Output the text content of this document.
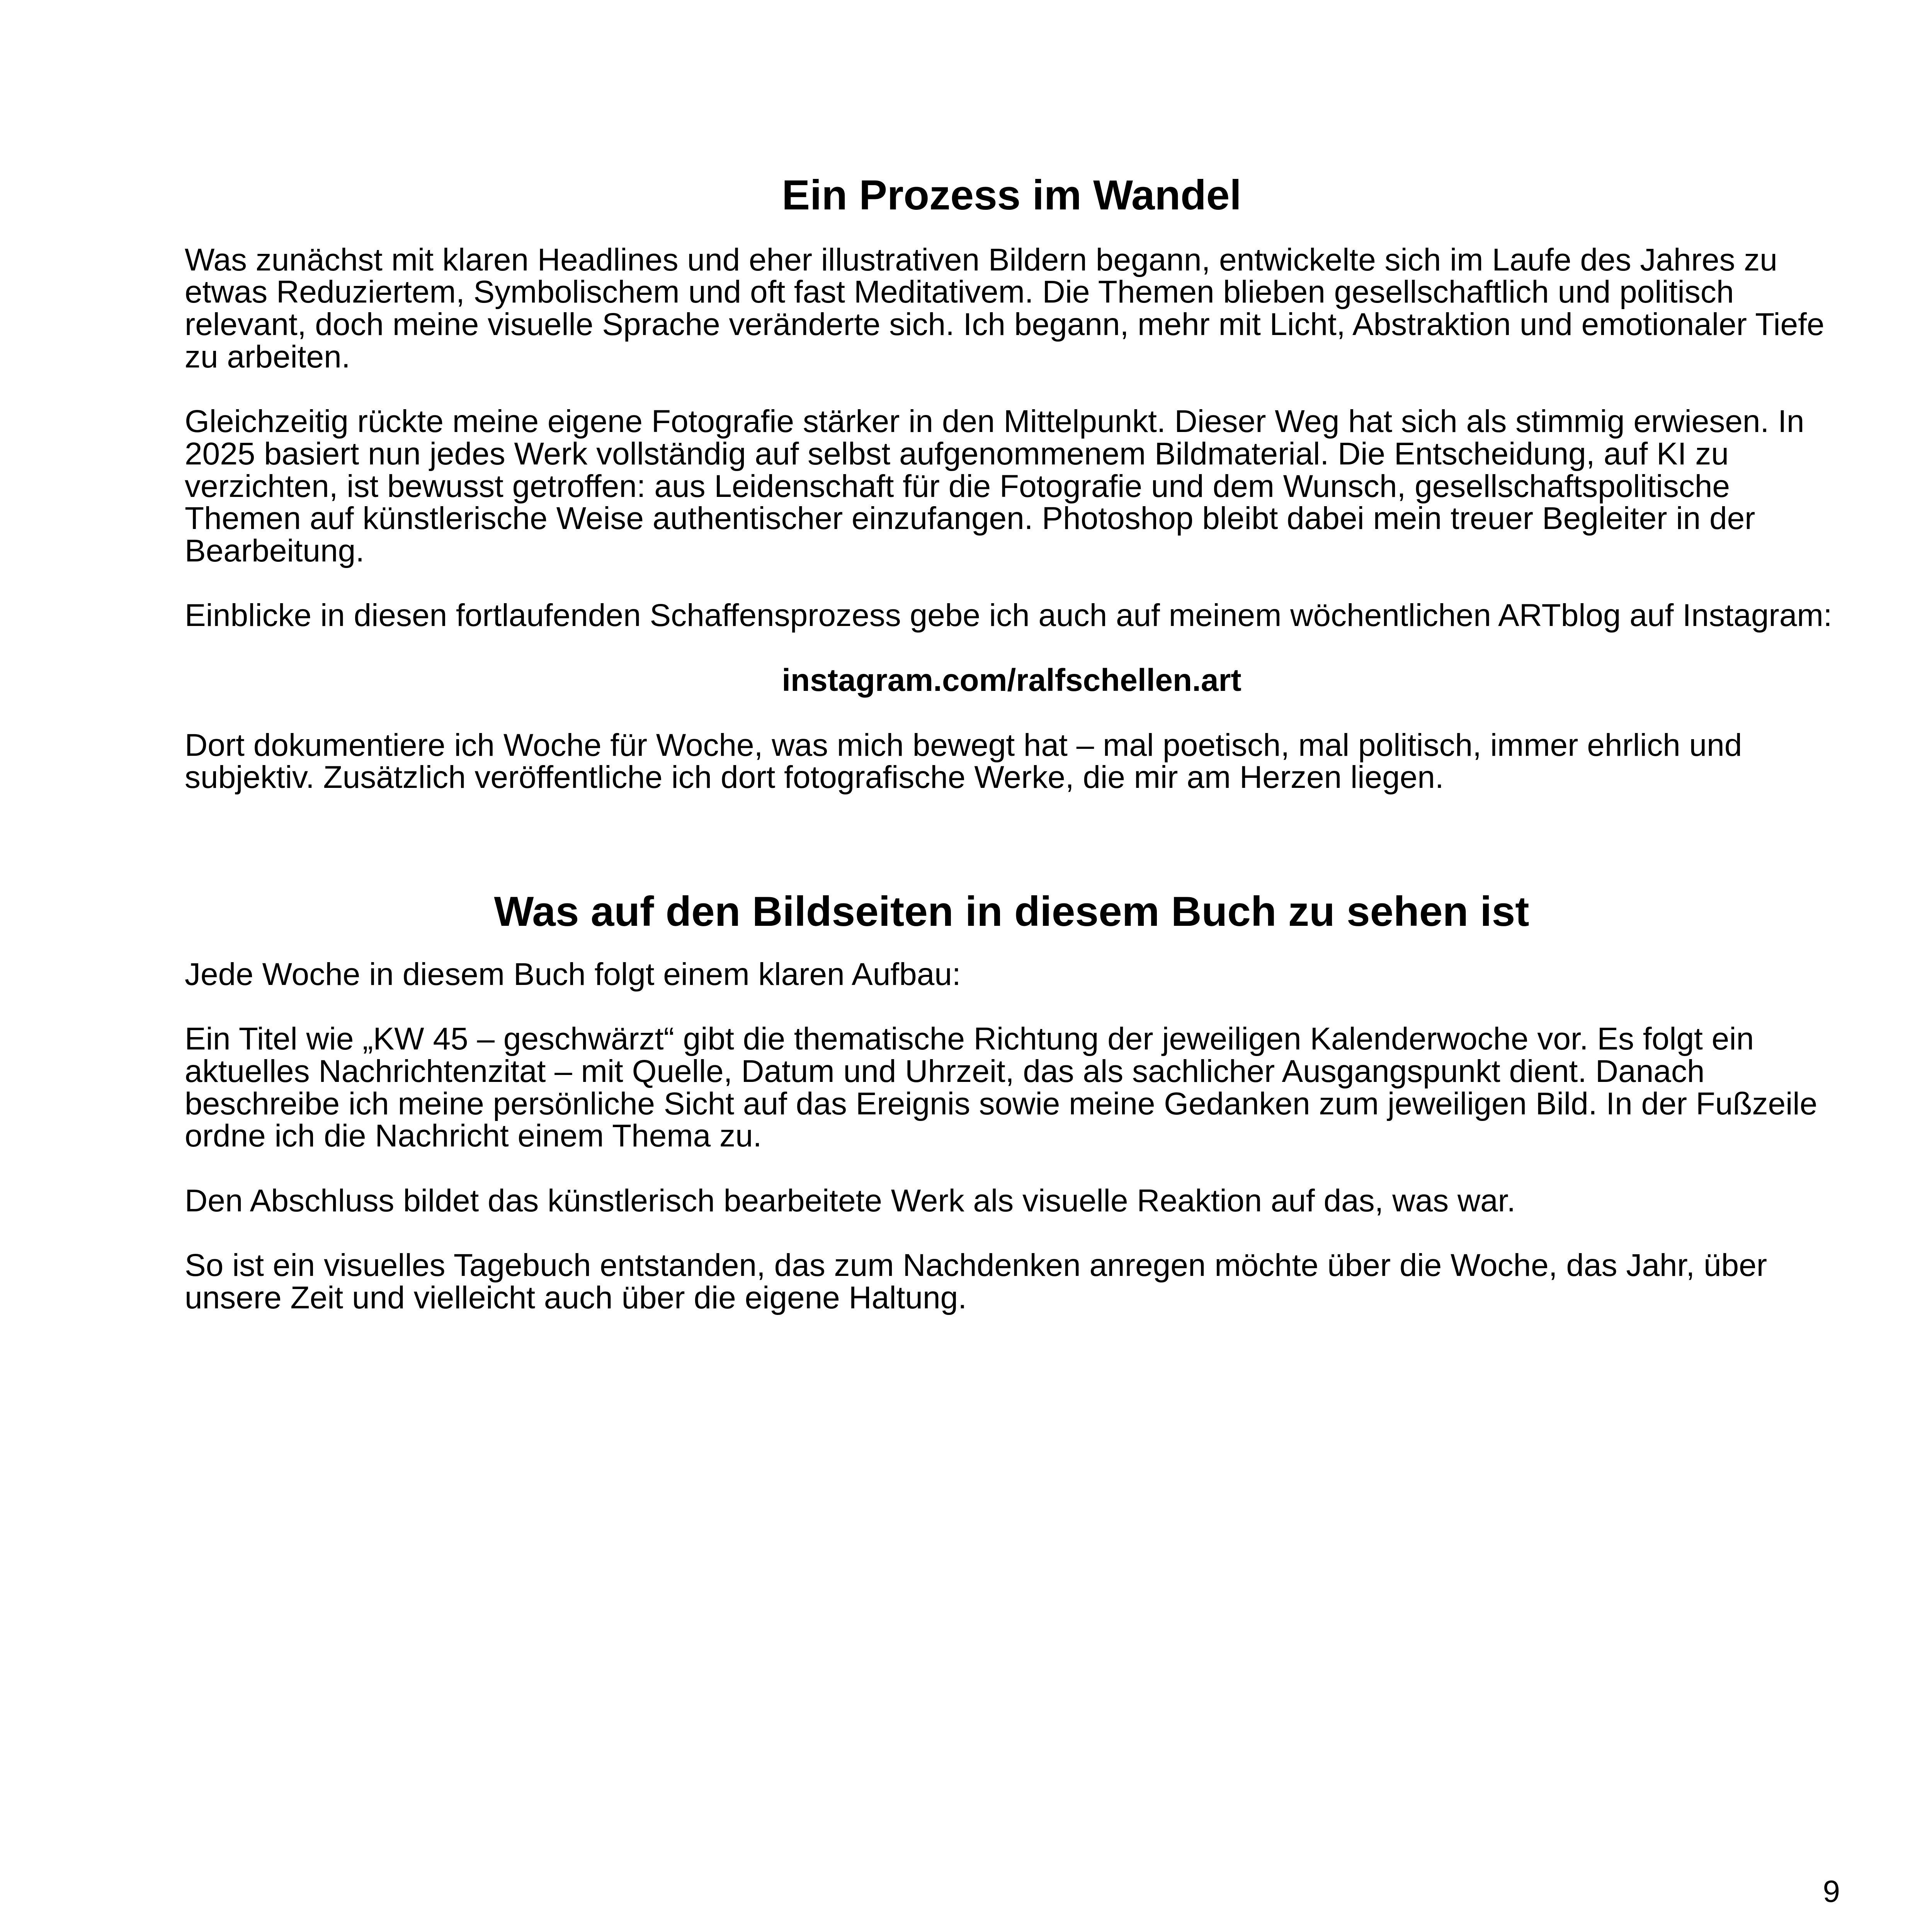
Ein Prozess im Wandel

Was zunächst mit klaren Headlines und eher illustrativen Bildern begann, entwickelte sich im Laufe des Jahres zu etwas Reduziertem, Symbolischem und oft fast Meditativem. Die Themen blieben gesellschaftlich und politisch relevant, doch meine visuelle Sprache veränderte sich. Ich begann, mehr mit Licht, Abstraktion und emotionaler Tiefe zu arbeiten.

Gleichzeitig rückte meine eigene Fotografie stärker in den Mittelpunkt. Dieser Weg hat sich als stimmig erwiesen. In 2025 basiert nun jedes Werk vollständig auf selbst aufgenommenem Bildmaterial. Die Entscheidung, auf KI zu verzichten, ist bewusst getroffen: aus Leidenschaft für die Fotografie und dem Wunsch, gesellschaftspolitische Themen auf künstlerische Weise authentischer einzufangen. Photoshop bleibt dabei mein treuer Begleiter in der Bearbeitung.

Einblicke in diesen fortlaufenden Schaffensprozess gebe ich auch auf meinem wöchentlichen ARTblog auf Instagram:

instagram.com/ralfschellen.art

Dort dokumentiere ich Woche für Woche, was mich bewegt hat – mal poetisch, mal politisch, immer ehrlich und subjektiv. Zusätzlich veröffentliche ich dort fotografische Werke, die mir am Herzen liegen.

Was auf den Bildseiten in diesem Buch zu sehen ist

Jede Woche in diesem Buch folgt einem klaren Aufbau:

Ein Titel wie „KW 45 – geschwärzt“ gibt die thematische Richtung der jeweiligen Kalenderwoche vor. Es folgt ein aktuelles Nachrichtenzitat – mit Quelle, Datum und Uhrzeit, das als sachlicher Ausgangspunkt dient. Danach beschreibe ich meine persönliche Sicht auf das Ereignis sowie meine Gedanken zum jeweiligen Bild. In der Fußzeile ordne ich die Nachricht einem Thema zu.

Den Abschluss bildet das künstlerisch bearbeitete Werk als visuelle Reaktion auf das, was war.

So ist ein visuelles Tagebuch entstanden, das zum Nachdenken anregen möchte über die Woche, das Jahr, über unsere Zeit und vielleicht auch über die eigene Haltung.

9
